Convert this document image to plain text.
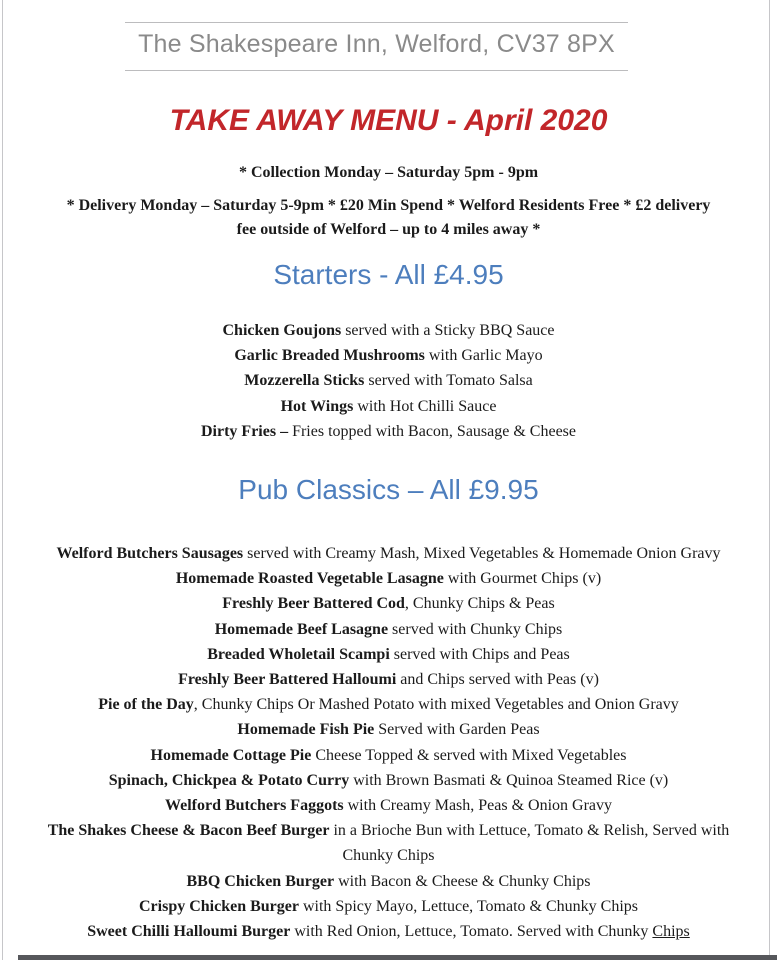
The Shakespeare Inn, Welford, CV37 8PX
TAKE AWAY MENU - April 2020

* Collection Monday – Saturday 5pm - 9pm

* Delivery Monday – Saturday 5-9pm * £20 Min Spend * Welford Residents Free * £2 delivery
fee outside of Welford – up to 4 miles away *

Starters - All £4.95
Chicken Goujons served with a Sticky BBQ Sauce
Garlic Breaded Mushrooms with Garlic Mayo
Mozzerella Sticks served with Tomato Salsa
Hot Wings with Hot Chilli Sauce
Dirty Fries – Fries topped with Bacon, Sausage & Cheese
Pub Classics – All £9.95
Welford Butchers Sausages served with Creamy Mash, Mixed Vegetables & Homemade Onion Gravy
Homemade Roasted Vegetable Lasagne with Gourmet Chips (v)
Freshly Beer Battered Cod, Chunky Chips & Peas
Homemade Beef Lasagne served with Chunky Chips
Breaded Wholetail Scampi served with Chips and Peas
Freshly Beer Battered Halloumi and Chips served with Peas (v)
Pie of the Day, Chunky Chips Or Mashed Potato with mixed Vegetables and Onion Gravy
Homemade Fish Pie Served with Garden Peas
Homemade Cottage Pie Cheese Topped & served with Mixed Vegetables
Spinach, Chickpea & Potato Curry with Brown Basmati & Quinoa Steamed Rice (v)
Welford Butchers Faggots with Creamy Mash, Peas & Onion Gravy
The Shakes Cheese & Bacon Beef Burger in a Brioche Bun with Lettuce, Tomato & Relish, Served with Chunky Chips
BBQ Chicken Burger with Bacon & Cheese & Chunky Chips
Crispy Chicken Burger with Spicy Mayo, Lettuce, Tomato & Chunky Chips
Sweet Chilli Halloumi Burger with Red Onion, Lettuce, Tomato. Served with Chunky Chips
